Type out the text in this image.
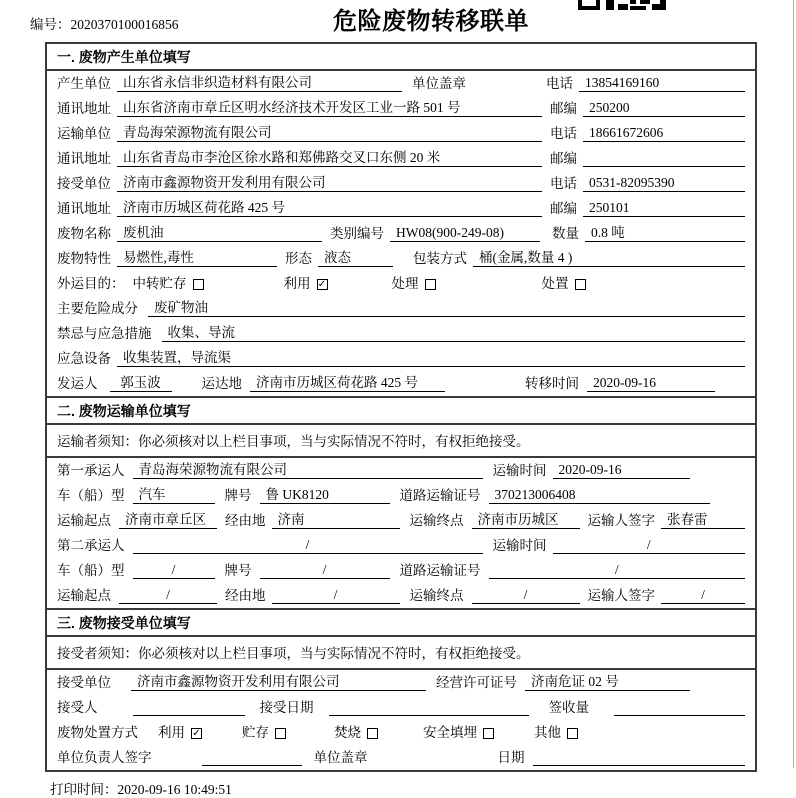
编号：2020370100016856	危险废物转移联单
一. 废物产生单位填写
产生单位 山东省永信非织造材料有限公司	单位盖章	电话 13854169160
通讯地址 山东省济南市章丘区明水经济技术开发区工业一路 501 号	邮编 250200
运输单位 青岛海荣源物流有限公司	电话 18661672606
通讯地址 山东省青岛市李沧区徐水路和郑佛路交叉口东侧 20 米	邮编
接受单位 济南市鑫源物资开发利用有限公司	电话 0531-82095390
通讯地址 济南市历城区荷花路 425 号	邮编 250101
废物名称 废机油	类别编号 HW08(900-249-08)	数量 0.8 吨
废物特性 易燃性,毒性	形态 液态	包装方式 桶(金属,数量 4 )
外运目的： 中转贮存	利用 ✓	处理	处置
主要危险成分	废矿物油
禁忌与应急措施	收集、导流
应急设备 收集装置，导流渠
发运人	郭玉波	运达地	济南市历城区荷花路 425 号	转移时间	2020-09-16
二. 废物运输单位填写
运输者须知：你必须核对以上栏目事项，当与实际情况不符时，有权拒绝接受。
第一承运人	青岛海荣源物流有限公司	运输时间 2020-09-16
车（船）型	汽车	牌号	鲁 UK8120	道路运输证号	370213006408
运输起点	济南市章丘区	经由地 济南	运输终点	济南市历城区	运输人签字 张春雷
第二承运人	/	运输时间	/
车（船）型	/	牌号	/	道路运输证号	/
运输起点	/	经由地	/	运输终点	/	运输人签字	/
三. 废物接受单位填写
接受者须知：你必须核对以上栏目事项，当与实际情况不符时，有权拒绝接受。
接受单位	济南市鑫源物资开发利用有限公司	经营许可证号	济南危证 02 号
接受人	接受日期	签收量
废物处置方式 利用 ✓	贮存	焚烧	安全填埋	其他
单位负责人签字	单位盖章	日期
打印时间：2020-09-16 10:49:51
